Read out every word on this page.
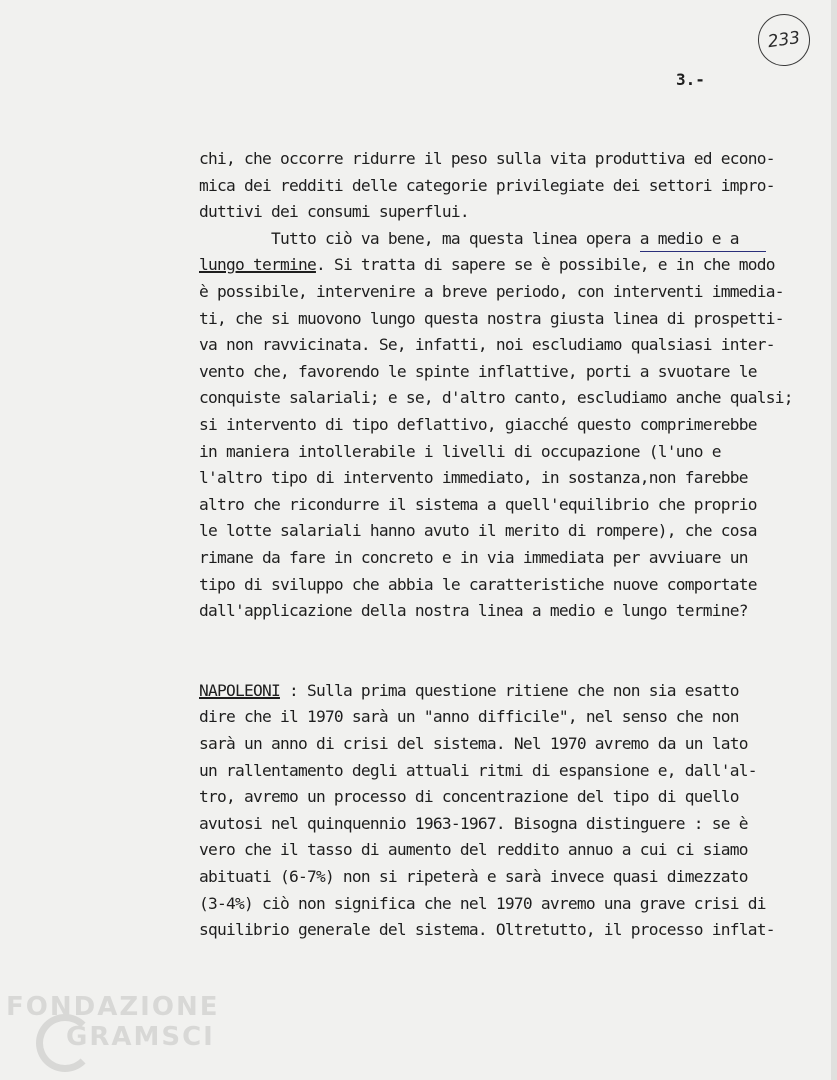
233
3.-
chi, che occorre ridurre il peso sulla vita produttiva ed econo-
mica dei redditi delle categorie privilegiate dei settori impro-
duttivi dei consumi superflui.
Tutto ciò va bene, ma questa linea opera a medio e a
lungo termine . Si tratta di sapere se è possibile, e in che modo
è possibile, intervenire a breve periodo, con interventi immedia-
ti, che si muovono lungo questa nostra giusta linea di prospetti-
va non ravvicinata. Se, infatti, noi escludiamo qualsiasi inter-
vento che, favorendo le spinte inflattive, porti a svuotare le
conquiste salariali; e se, d'altro canto, escludiamo anche qualsi;
si intervento di tipo deflattivo, giacché questo comprimerebbe
in maniera intollerabile i livelli di occupazione (l'uno e
l'altro tipo di intervento immediato, in sostanza,non farebbe
altro che ricondurre il sistema a quell'equilibrio che proprio
le lotte salariali hanno avuto il merito di rompere), che cosa
rimane da fare in concreto e in via immediata per avviuare un
tipo di sviluppo che abbia le caratteristiche nuove comportate
dall'applicazione della nostra linea a medio e lungo termine?
NAPOLEONI : Sulla prima questione ritiene che non sia esatto
dire che il 1970 sarà un "anno difficile", nel senso che non
sarà un anno di crisi del sistema. Nel 1970 avremo da un lato
un rallentamento degli attuali ritmi di espansione e, dall'al-
tro, avremo un processo di concentrazione del tipo di quello
avutosi nel quinquennio 1963-1967. Bisogna distinguere : se è
vero che il tasso di aumento del reddito annuo a cui ci siamo
abituati (6-7%) non si ripeterà e sarà invece quasi dimezzato
(3-4%) ciò non significa che nel 1970 avremo una grave crisi di
squilibrio generale del sistema. Oltretutto, il processo inflat-
FONDAZIONE
GRAMSCI
